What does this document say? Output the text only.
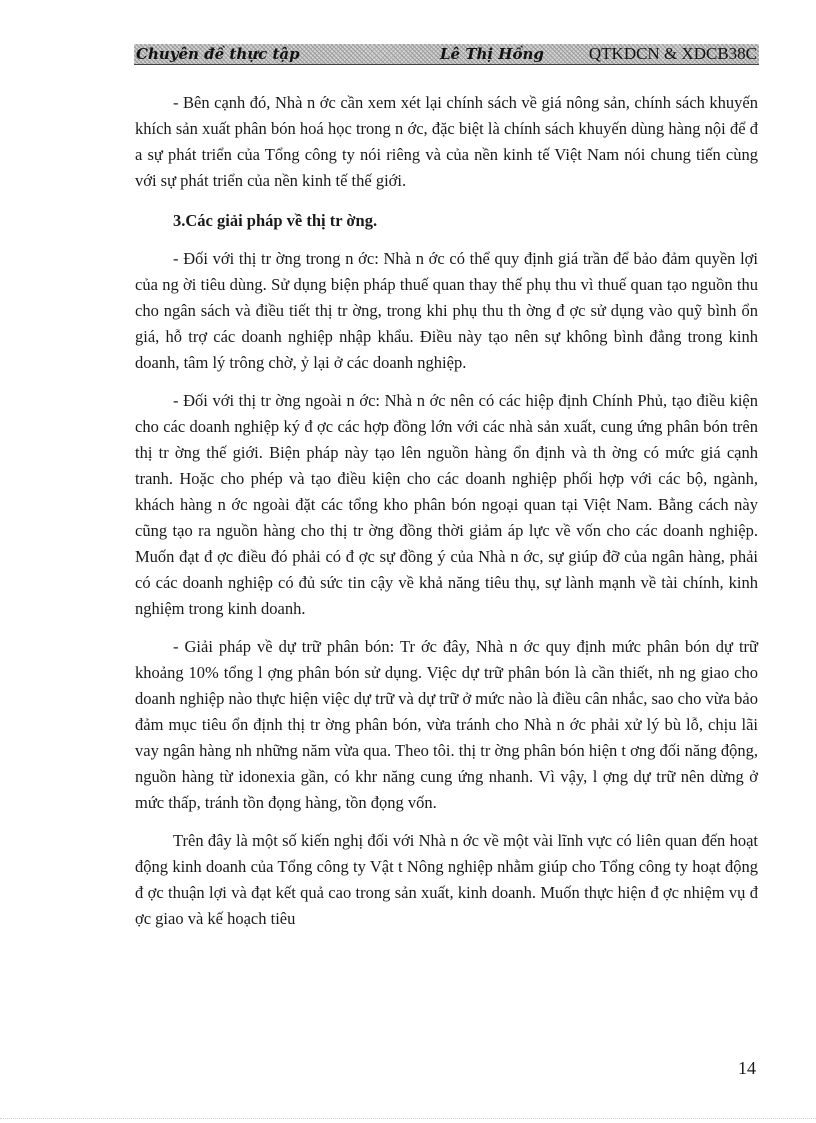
Chuyên đề thực tập	Lê Thị Hồng	QTKDCN & XDCB38C

- Bên cạnh đó, Nhà n ớc cần xem xét lại chính sách về giá nông sản, chính sách khuyến khích sản xuất phân bón hoá học trong n ớc, đặc biệt là chính sách khuyến dùng hàng nội để đ a sự phát triển của Tổng công ty nói riêng và của nền kinh tế Việt Nam nói chung tiến cùng với sự phát triển của nền kinh tế thế giới.

3.Các giải pháp về thị tr ờng.

- Đối với thị tr ờng trong n ớc: Nhà n ớc có thể quy định giá trần để bảo đảm quyền lợi của ng ời tiêu dùng. Sử dụng biện pháp thuế quan thay thế phụ thu vì thuế quan tạo nguồn thu cho ngân sách và điều tiết thị tr ờng, trong khi phụ thu th ờng đ ợc sử dụng vào quỹ bình ổn giá, hỗ trợ các doanh nghiệp nhập khẩu. Điều này tạo nên sự không bình đẳng trong kinh doanh, tâm lý trông chờ, ỷ lại ở các doanh nghiệp.

- Đối với thị tr ờng ngoài n ớc: Nhà n ớc nên có các hiệp định Chính Phủ, tạo điều kiện cho các doanh nghiệp ký đ ợc các hợp đồng lớn với các nhà sản xuất, cung ứng phân bón trên thị tr ờng thế giới. Biện pháp này tạo lên nguồn hàng ổn định và th ờng có mức giá cạnh tranh. Hoặc cho phép và tạo điều kiện cho các doanh nghiệp phối hợp với các bộ, ngành, khách hàng n ớc ngoài đặt các tổng kho phân bón ngoại quan tại Việt Nam. Bằng cách này cũng tạo ra nguồn hàng cho thị tr ờng đồng thời giảm áp lực về vốn cho các doanh nghiệp. Muốn đạt đ ợc điều đó phải có đ ợc sự đồng ý của Nhà n ớc, sự giúp đỡ của ngân hàng, phải có các doanh nghiệp có đủ sức tin cậy về khả năng tiêu thụ, sự lành mạnh về tài chính, kinh nghiệm trong kinh doanh.

- Giải pháp về dự trữ phân bón: Tr ớc đây, Nhà n ớc quy định mức phân bón dự trữ khoảng 10% tổng l ợng phân bón sử dụng. Việc dự trữ phân bón là cần thiết, nh ng giao cho doanh nghiệp nào thực hiện việc dự trữ và dự trữ ở mức nào là điều cân nhắc, sao cho vừa bảo đảm mục tiêu ổn định thị tr ờng phân bón, vừa tránh cho Nhà n ớc phải xử lý bù lỗ, chịu lãi vay ngân hàng nh những năm vừa qua. Theo tôi. thị tr ờng phân bón hiện t ơng đối năng động, nguồn hàng từ idonexia gần, có khr năng cung ứng nhanh. Vì vậy, l ợng dự trữ nên dừng ở mức thấp, tránh tồn đọng hàng, tồn đọng vốn.

Trên đây là một số kiến nghị đối với Nhà n ớc về một vài lĩnh vực có liên quan đến hoạt động kinh doanh của Tổng công ty Vật t Nông nghiệp nhằm giúp cho Tổng công ty hoạt động đ ợc thuận lợi và đạt kết quả cao trong sản xuất, kinh doanh. Muốn thực hiện đ ợc nhiệm vụ đ ợc giao và kế hoạch tiêu

14
